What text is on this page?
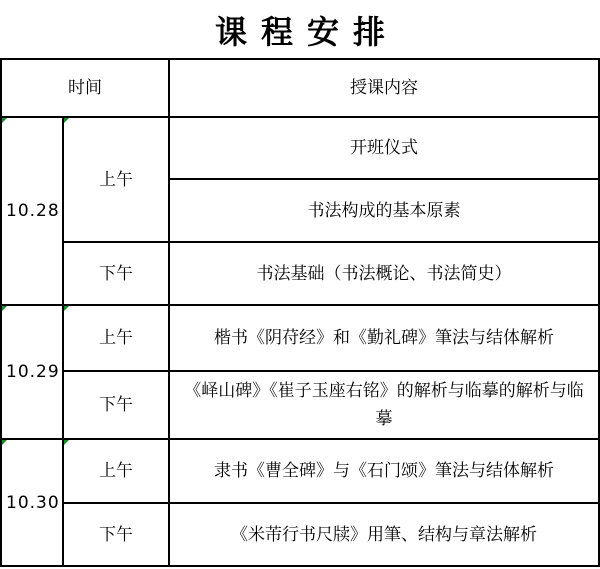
课程安排
时间		授课内容

10.28	上午	开班仪式
		书法构成的基本原素
	下午	书法基础（书法概论、书法简史）

10.29	上午	楷书《阴苻经》和《勤礼碑》筆法与结体解析
	下午	《峄山碑》《崔子玉座右铭》的解析与临摹的解析与临摹

10.30	上午	隶书《曹全碑》与《石门颂》筆法与结体解析
	下午	《米芾行书尺牍》用筆、结构与章法解析
